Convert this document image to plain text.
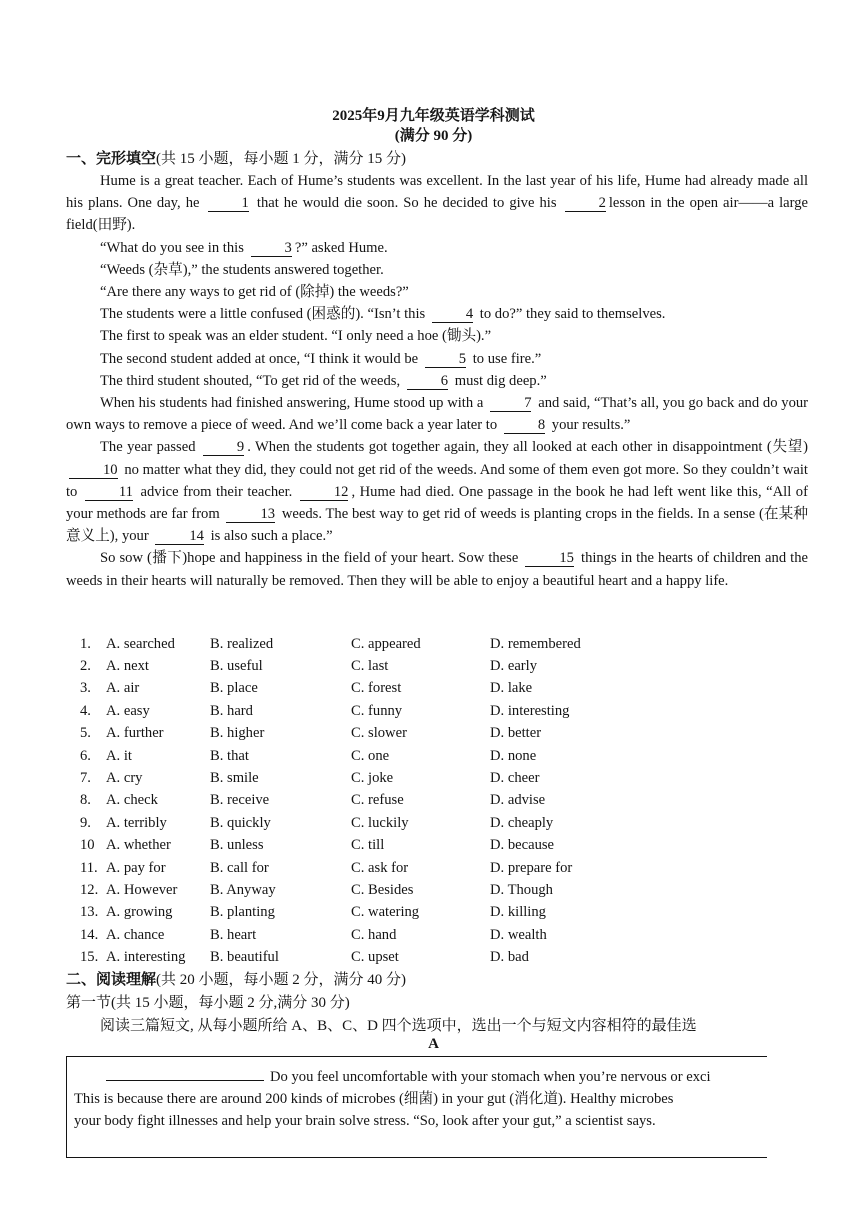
2025年9月九年级英语学科测试
(满分 90 分)
一、完形填空(共 15 小题，每小题 1 分，满分 15 分)

Hume is a great teacher. Each of Hume’s students was excellent. In the last year of his life, Hume had already made all his plans. One day, he	1 that he would die soon. So he decided to give his	2 lesson in the open air——a large field(田野).

“What do you see in this	3 ?” asked Hume.

“Weeds (杂草),” the students answered together.

“Are there any ways to get rid of (除掉) the weeds?”

The students were a little confused (困惑的). “Isn’t this	4 to do?” they said to themselves.

The first to speak was an elder student. “I only need a hoe (锄头).”

The second student added at once, “I think it would be	5 to use fire.”

The third student shouted, “To get rid of the weeds,	6 must dig deep.”

When his students had finished answering, Hume stood up with a	7 and said, “That’s all, you go back and do your own ways to remove a piece of weed. And we’ll come back a year later to	8 your results.”

The year passed	9 . When the students got together again, they all looked at each other in disappointment (失望) 10 no matter what they did, they could not get rid of the weeds. And some of them even got more. So they couldn’t wait to	11 advice from their teacher.	12 , Hume had died. One passage in the book he had left went like this, “All of your methods are far from	13 weeds. The best way to get rid of weeds is planting crops in the fields. In a sense (在某种意义上), your	14 is also such a place.”

So sow (播下)hope and happiness in the field of your heart. Sow these	15 things in the hearts of children and the weeds in their hearts will naturally be removed. Then they will be able to enjoy a beautiful heart and a happy life.

1.	A. searched	B. realized	C. appeared	D. remembered
2.	A. next	B. useful	C. last	D. early
3.	A. air	B. place	C. forest	D. lake
4.	A. easy	B. hard	C. funny	D. interesting
5.	A. further	B. higher	C. slower	D. better
6.	A. it	B. that	C. one	D. none
7.	A. cry	B. smile	C. joke	D. cheer
8.	A. check	B. receive	C. refuse	D. advise
9.	A. terribly	B. quickly	C. luckily	D. cheaply
10 A. whether	B. unless	C. till	D. because
11. A. pay for	B. call for	C. ask for	D. prepare for
12. A. However	B. Anyway	C. Besides	D. Though
13. A. growing	B. planting	C. watering	D. killing
14. A. chance	B. heart	C. hand	D. wealth
15. A. interesting	B. beautiful	C. upset	D. bad
二、阅读理解(共 20 小题，每小题 2 分，满分 40 分)
第一节(共 15 小题，每小题 2 分,满分 30 分)
阅读三篇短文, 从每小题所给 A、B、C、D 四个选项中，选出一个与短文内容相符的最佳选
A

Do you feel uncomfortable with your stomach when you’re nervous or exci

This is because there are around 200 kinds of microbes (细菌) in your gut (消化道). Healthy microbes

your body fight illnesses and help your brain solve stress. “So, look after your gut,” a scientist says.
